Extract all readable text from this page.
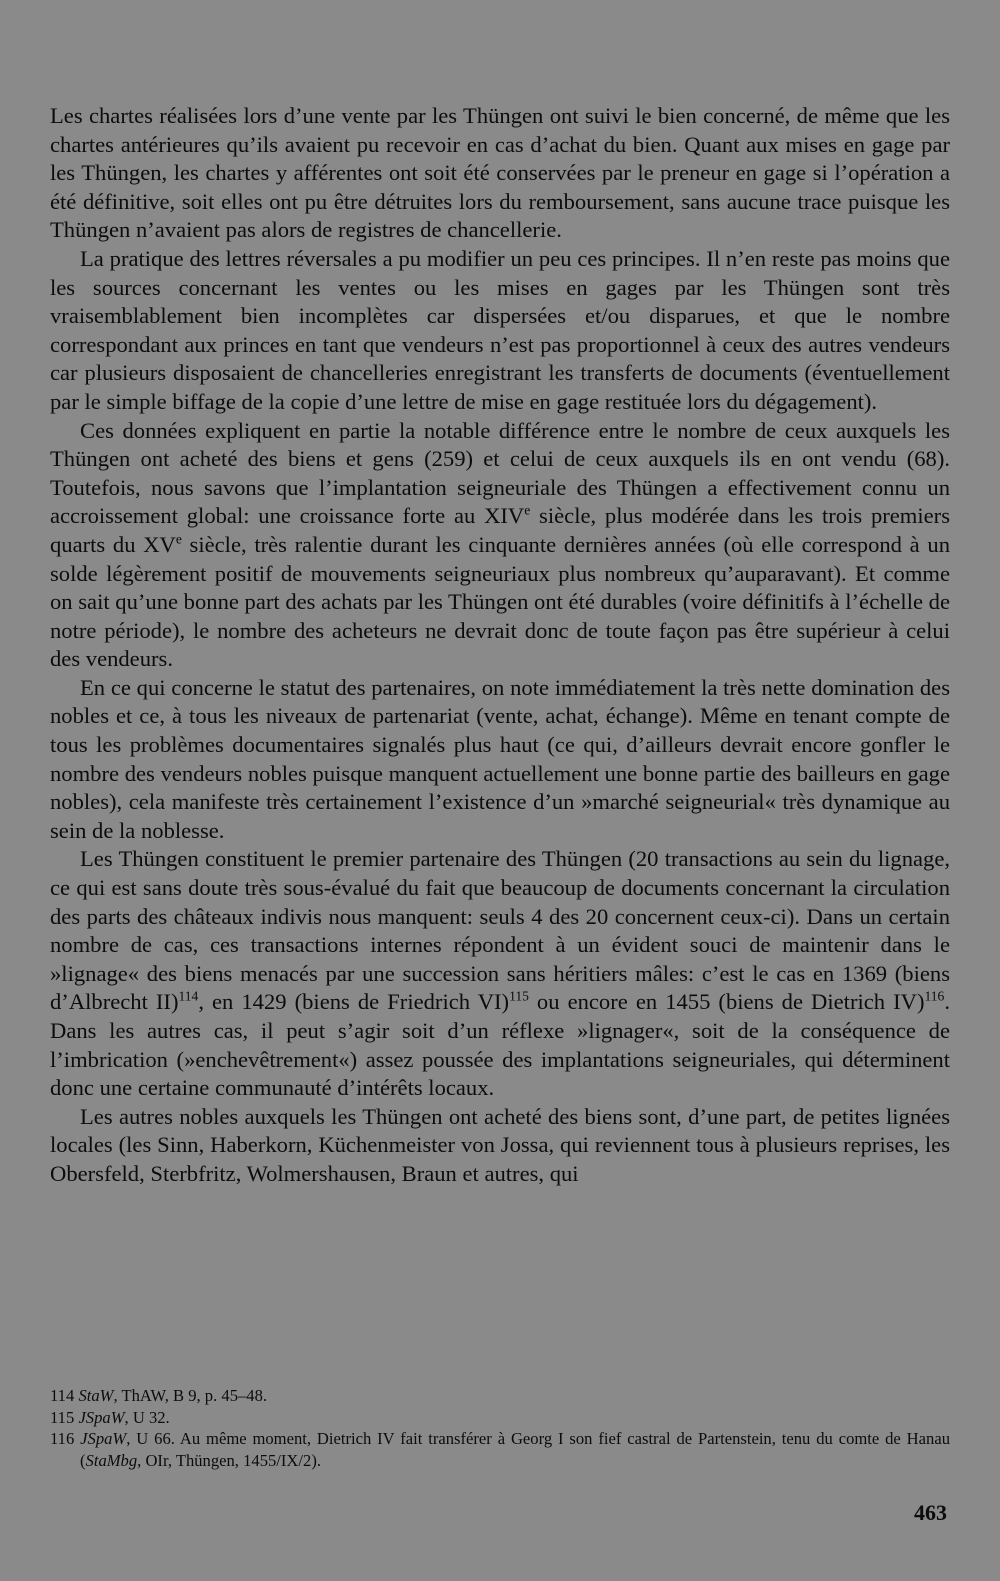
Les chartes réalisées lors d’une vente par les Thüngen ont suivi le bien concerné, de même que les chartes antérieures qu’ils avaient pu recevoir en cas d’achat du bien. Quant aux mises en gage par les Thüngen, les chartes y afférentes ont soit été conservées par le preneur en gage si l’opération a été définitive, soit elles ont pu être détruites lors du remboursement, sans aucune trace puisque les Thüngen n’avaient pas alors de registres de chancellerie.

La pratique des lettres réversales a pu modifier un peu ces principes. Il n’en reste pas moins que les sources concernant les ventes ou les mises en gages par les Thüngen sont très vraisemblablement bien incomplètes car dispersées et/ou disparues, et que le nombre correspondant aux princes en tant que vendeurs n’est pas proportionnel à ceux des autres vendeurs car plusieurs disposaient de chancelleries enregistrant les transferts de documents (éventuellement par le simple biffage de la copie d’une lettre de mise en gage restituée lors du dégagement).

Ces données expliquent en partie la notable différence entre le nombre de ceux auxquels les Thüngen ont acheté des biens et gens (259) et celui de ceux auxquels ils en ont vendu (68). Toutefois, nous savons que l’implantation seigneuriale des Thüngen a effectivement connu un accroissement global: une croissance forte au XIVe siècle, plus modérée dans les trois premiers quarts du XVe siècle, très ralentie durant les cinquante dernières années (où elle correspond à un solde légèrement positif de mouvements seigneuriaux plus nombreux qu’auparavant). Et comme on sait qu’une bonne part des achats par les Thüngen ont été durables (voire définitifs à l’échelle de notre période), le nombre des acheteurs ne devrait donc de toute façon pas être supérieur à celui des vendeurs.

En ce qui concerne le statut des partenaires, on note immédiatement la très nette domination des nobles et ce, à tous les niveaux de partenariat (vente, achat, échange). Même en tenant compte de tous les problèmes documentaires signalés plus haut (ce qui, d’ailleurs devrait encore gonfler le nombre des vendeurs nobles puisque manquent actuellement une bonne partie des bailleurs en gage nobles), cela manifeste très certainement l’existence d’un »marché seigneurial« très dynamique au sein de la noblesse.

Les Thüngen constituent le premier partenaire des Thüngen (20 transactions au sein du lignage, ce qui est sans doute très sous-évalué du fait que beaucoup de documents concernant la circulation des parts des châteaux indivis nous manquent: seuls 4 des 20 concernent ceux-ci). Dans un certain nombre de cas, ces transactions internes répondent à un évident souci de maintenir dans le »lignage« des biens menacés par une succession sans héritiers mâles: c’est le cas en 1369 (biens d’Albrecht II)$^{114}$, en 1429 (biens de Friedrich VI)$^{115}$ ou encore en 1455 (biens de Dietrich IV)$^{116}$. Dans les autres cas, il peut s’agir soit d’un réflexe »lignager«, soit de la conséquence de l’imbrication (»enchevêtrement«) assez poussée des implantations seigneuriales, qui déterminent donc une certaine communauté d’intérêts locaux.

Les autres nobles auxquels les Thüngen ont acheté des biens sont, d’une part, de petites lignées locales (les Sinn, Haberkorn, Küchenmeister von Jossa, qui reviennent tous à plusieurs reprises, les Obersfeld, Sterbfritz, Wolmershausen, Braun et autres, qui

114 StaW, ThAW, B 9, p. 45–48.

115 JSpaW, U 32.

116 JSpaW, U 66. Au même moment, Dietrich IV fait transférer à Georg I son fief castral de Partenstein, tenu du comte de Hanau (StaMbg, OIr, Thüngen, 1455/IX/2).

463
